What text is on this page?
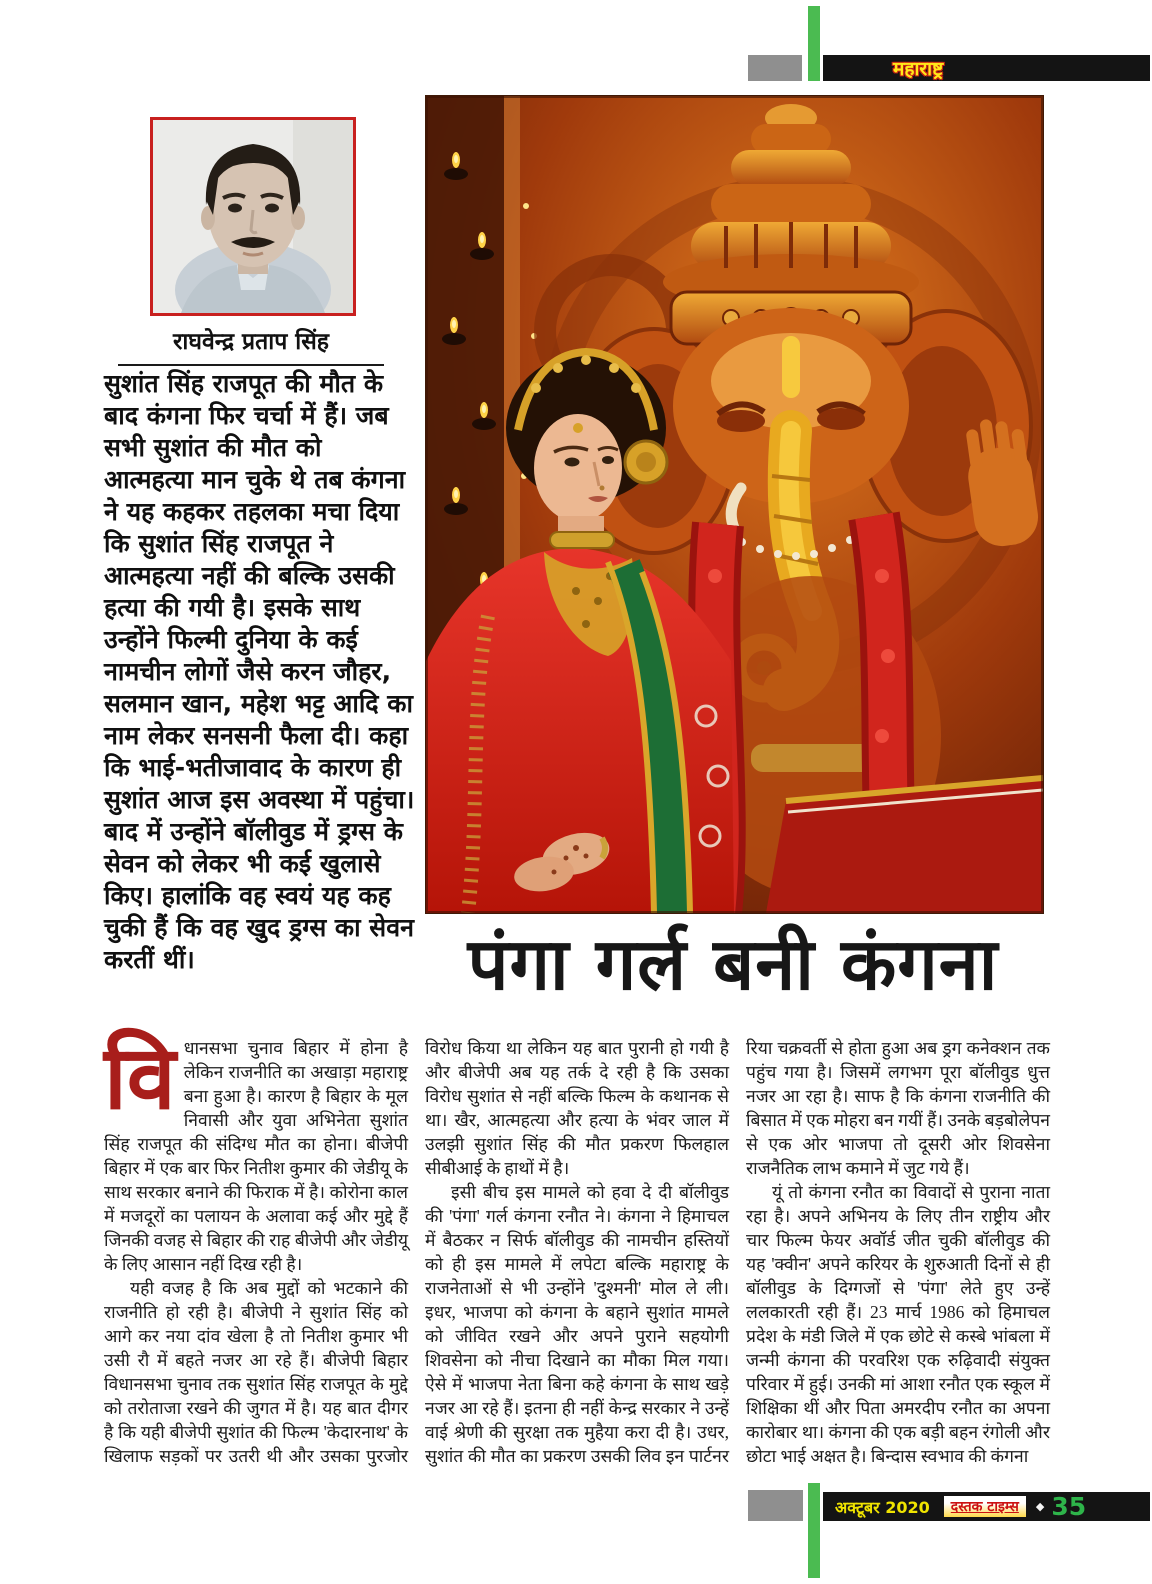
महाराष्ट्र
राघवेन्द्र प्रताप सिंह
सुशांत सिंह राजपूत की मौत के बाद कंगना फिर चर्चा में हैं। जब सभी सुशांत की मौत को आत्महत्या मान चुके थे तब कंगना ने यह कहकर तहलका मचा दिया कि सुशांत सिंह राजपूत ने आत्महत्या नहीं की बल्कि उसकी हत्या की गयी है। इसके साथ उन्होंने फिल्मी दुनिया के कई नामचीन लोगों जैसे करन जौहर, सलमान खान, महेश भट्ट आदि का नाम लेकर सनसनी फैला दी। कहा कि भाई-भतीजावाद के कारण ही सुशांत आज इस अवस्था में पहुंचा। बाद में उन्होंने बॉलीवुड में ड्रग्स के सेवन को लेकर भी कई खुलासे किए। हालांकि वह स्वयं यह कह चुकी हैं कि वह खुद ड्रग्स का सेवन करतीं थीं।	पंगा गर्ल बनी कंगना

विधानसभा चुनाव बिहार में होना है लेकिन राजनीति का अखाड़ा महाराष्ट्र बना हुआ है। कारण है बिहार के मूल निवासी और युवा अभिनेता सुशांत सिंह राजपूत की संदिग्ध मौत का होना। बीजेपी बिहार में एक बार फिर नितीश कुमार की जेडीयू के साथ सरकार बनाने की फिराक में है। कोरोना काल में मजदूरों का पलायन के अलावा कई और मुद्दे हैं जिनकी वजह से बिहार की राह बीजेपी और जेडीयू के लिए आसान नहीं दिख रही है।

यही वजह है कि अब मुद्दों को भटकाने की राजनीति हो रही है। बीजेपी ने सुशांत सिंह को आगे कर नया दांव खेला है तो नितीश कुमार भी उसी रौ में बहते नजर आ रहे हैं। बीजेपी बिहार विधानसभा चुनाव तक सुशांत सिंह राजपूत के मुद्दे को तरोताजा रखने की जुगत में है। यह बात दीगर है कि यही बीजेपी सुशांत की फिल्म 'केदारनाथ' के खिलाफ सड़कों पर उतरी थी और उसका पुरजोर विरोध किया था लेकिन यह बात पुरानी हो गयी है और बीजेपी अब यह तर्क दे रही है कि उसका विरोध सुशांत से नहीं बल्कि फिल्म के कथानक से था। खैर, आत्महत्या और हत्या के भंवर जाल में उलझी सुशांत सिंह की मौत प्रकरण फिलहाल सीबीआई के हाथों में है।

इसी बीच इस मामले को हवा दे दी बॉलीवुड की 'पंगा' गर्ल कंगना रनौत ने। कंगना ने हिमाचल में बैठकर न सिर्फ बॉलीवुड की नामचीन हस्तियों को ही इस मामले में लपेटा बल्कि महाराष्ट्र के राजनेताओं से भी उन्होंने 'दुश्मनी' मोल ले ली। इधर, भाजपा को कंगना के बहाने सुशांत मामले को जीवित रखने और अपने पुराने सहयोगी शिवसेना को नीचा दिखाने का मौका मिल गया। ऐसे में भाजपा नेता बिना कहे कंगना के साथ खड़े नजर आ रहे हैं। इतना ही नहीं केन्द्र सरकार ने उन्हें वाई श्रेणी की सुरक्षा तक मुहैया करा दी है। उधर, सुशांत की मौत का प्रकरण उसकी लिव इन पार्टनर रिया चक्रवर्ती से होता हुआ अब ड्रग कनेक्शन तक पहुंच गया है। जिसमें लगभग पूरा बॉलीवुड धुत्त नजर आ रहा है। साफ है कि कंगना राजनीति की बिसात में एक मोहरा बन गयीं हैं। उनके बड़बोलेपन से एक ओर भाजपा तो दूसरी ओर शिवसेना राजनैतिक लाभ कमाने में जुट गये हैं।

यूं तो कंगना रनौत का विवादों से पुराना नाता रहा है। अपने अभिनय के लिए तीन राष्ट्रीय और चार फिल्म फेयर अवॉर्ड जीत चुकी बॉलीवुड की यह 'क्वीन' अपने करियर के शुरुआती दिनों से ही बॉलीवुड के दिग्गजों से 'पंगा' लेते हुए उन्हें ललकारती रही हैं। 23 मार्च 1986 को हिमाचल प्रदेश के मंडी जिले में एक छोटे से कस्बे भांबला में जन्मी कंगना की परवरिश एक रुढ़िवादी संयुक्त परिवार में हुई। उनकी मां आशा रनौत एक स्कूल में शिक्षिका थीं और पिता अमरदीप रनौत का अपना कारोबार था। कंगना की एक बड़ी बहन रंगोली और छोटा भाई अक्षत है। बिन्दास स्वभाव की कंगना

अक्टूबर 2020	दस्तक टाइम्स	◆ 35
